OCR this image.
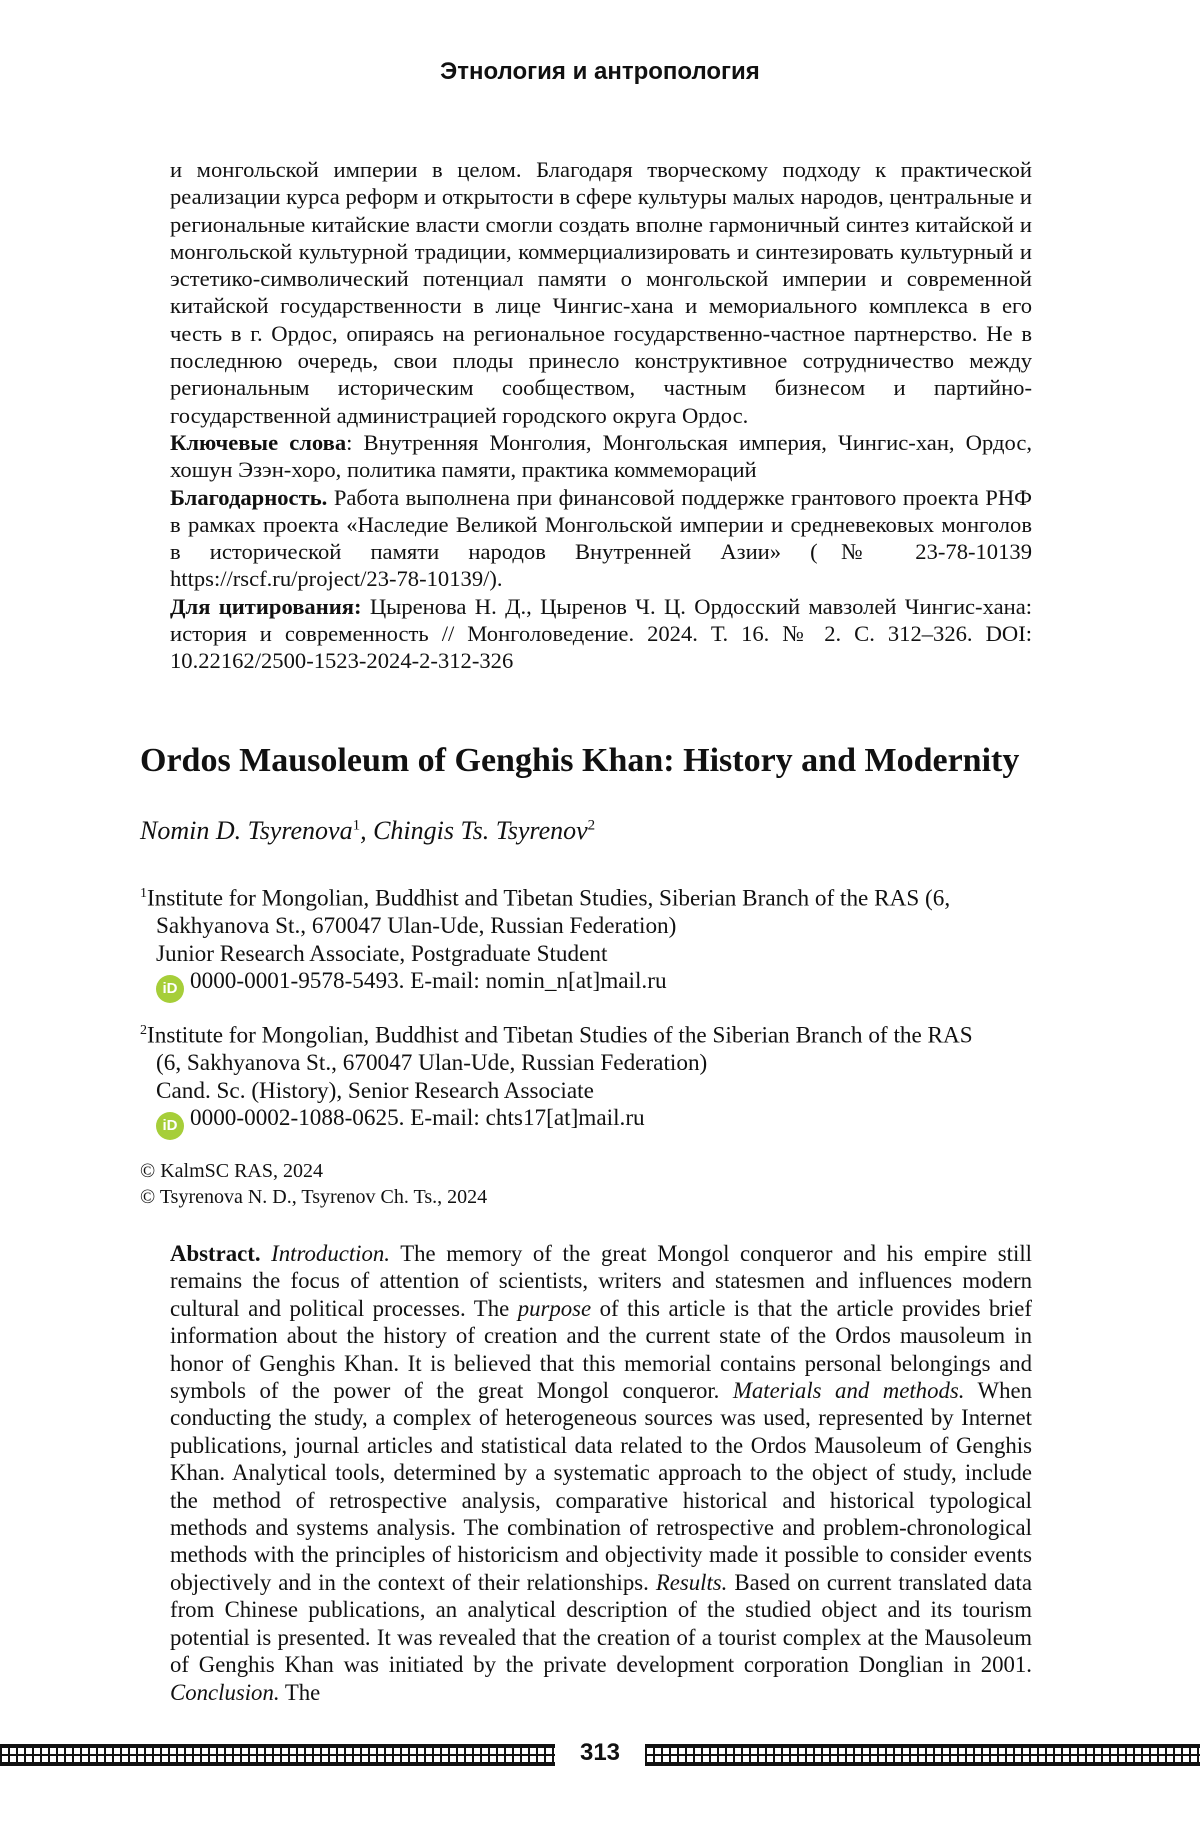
Этнология и антропология

и монгольской империи в целом. Благодаря творческому подходу к практической реализации курса реформ и открытости в сфере культуры малых народов, центральные и региональные китайские власти смогли создать вполне гармоничный синтез китайской и монгольской культурной традиции, коммерциализировать и синтезировать культурный и эстетико-символический потенциал памяти о монгольской империи и современной китайской государственности в лице Чингис-хана и мемориального комплекса в его честь в г. Ордос, опираясь на региональное государственно-частное партнерство. Не в последнюю очередь, свои плоды принесло конструктивное сотрудничество между региональным историческим сообществом, частным бизнесом и партийно-государственной администрацией городского округа Ордос.

Ключевые слова: Внутренняя Монголия, Монгольская империя, Чингис-хан, Ордос, хошун Эзэн-хоро, политика памяти, практика коммемораций

Благодарность. Работа выполнена при финансовой поддержке грантового проекта РНФ в рамках проекта «Наследие Великой Монгольской империи и средневековых монголов в исторической памяти народов Внутренней Азии» (№ 23-78-10139 https://rscf.ru/project/23-78-10139/).

Для цитирования: Цыренова Н. Д., Цыренов Ч. Ц. Ордосский мавзолей Чингис-хана: история и современность // Монголоведение. 2024. Т. 16. № 2. С. 312–326. DOI: 10.22162/2500-1523-2024-2-312-326

Ordos Mausoleum of Genghis Khan: History and Modernity
Nomin D. Tsyrenova$^1$, Chingis Ts. Tsyrenov$^2$
$^1$Institute for Mongolian, Buddhist and Tibetan Studies, Siberian Branch of the RAS (6,
Sakhyanova St., 670047 Ulan-Ude, Russian Federation)
Junior Research Associate, Postgraduate Student
iD 0000-0001-9578-5493. E-mail: nomin_n[at]mail.ru
$^2$Institute for Mongolian, Buddhist and Tibetan Studies of the Siberian Branch of the RAS
(6, Sakhyanova St., 670047 Ulan-Ude, Russian Federation)
Cand. Sc. (History), Senior Research Associate
iD 0000-0002-1088-0625. E-mail: chts17[at]mail.ru
© KalmSC RAS, 2024
© Tsyrenova N. D., Tsyrenov Ch. Ts., 2024
Abstract. Introduction. The memory of the great Mongol conqueror and his empire still remains the focus of attention of scientists, writers and statesmen and influences modern cultural and political processes. The purpose of this article is that the article provides brief information about the history of creation and the current state of the Ordos mausoleum in honor of Genghis Khan. It is believed that this memorial contains personal belongings and symbols of the power of the great Mongol conqueror. Materials and methods. When conducting the study, a complex of heterogeneous sources was used, represented by Internet publications, journal articles and statistical data related to the Ordos Mausoleum of Genghis Khan. Analytical tools, determined by a systematic approach to the object of study, include the method of retrospective analysis, comparative historical and historical typological methods and systems analysis. The combination of retrospective and problem-chronological methods with the principles of historicism and objectivity made it possible to consider events objectively and in the context of their relationships. Results. Based on current translated data from Chinese publications, an analytical description of the studied object and its tourism potential is presented. It was revealed that the creation of a tourist complex at the Mausoleum of Genghis Khan was initiated by the private development corporation Donglian in 2001. Conclusion. The
313
